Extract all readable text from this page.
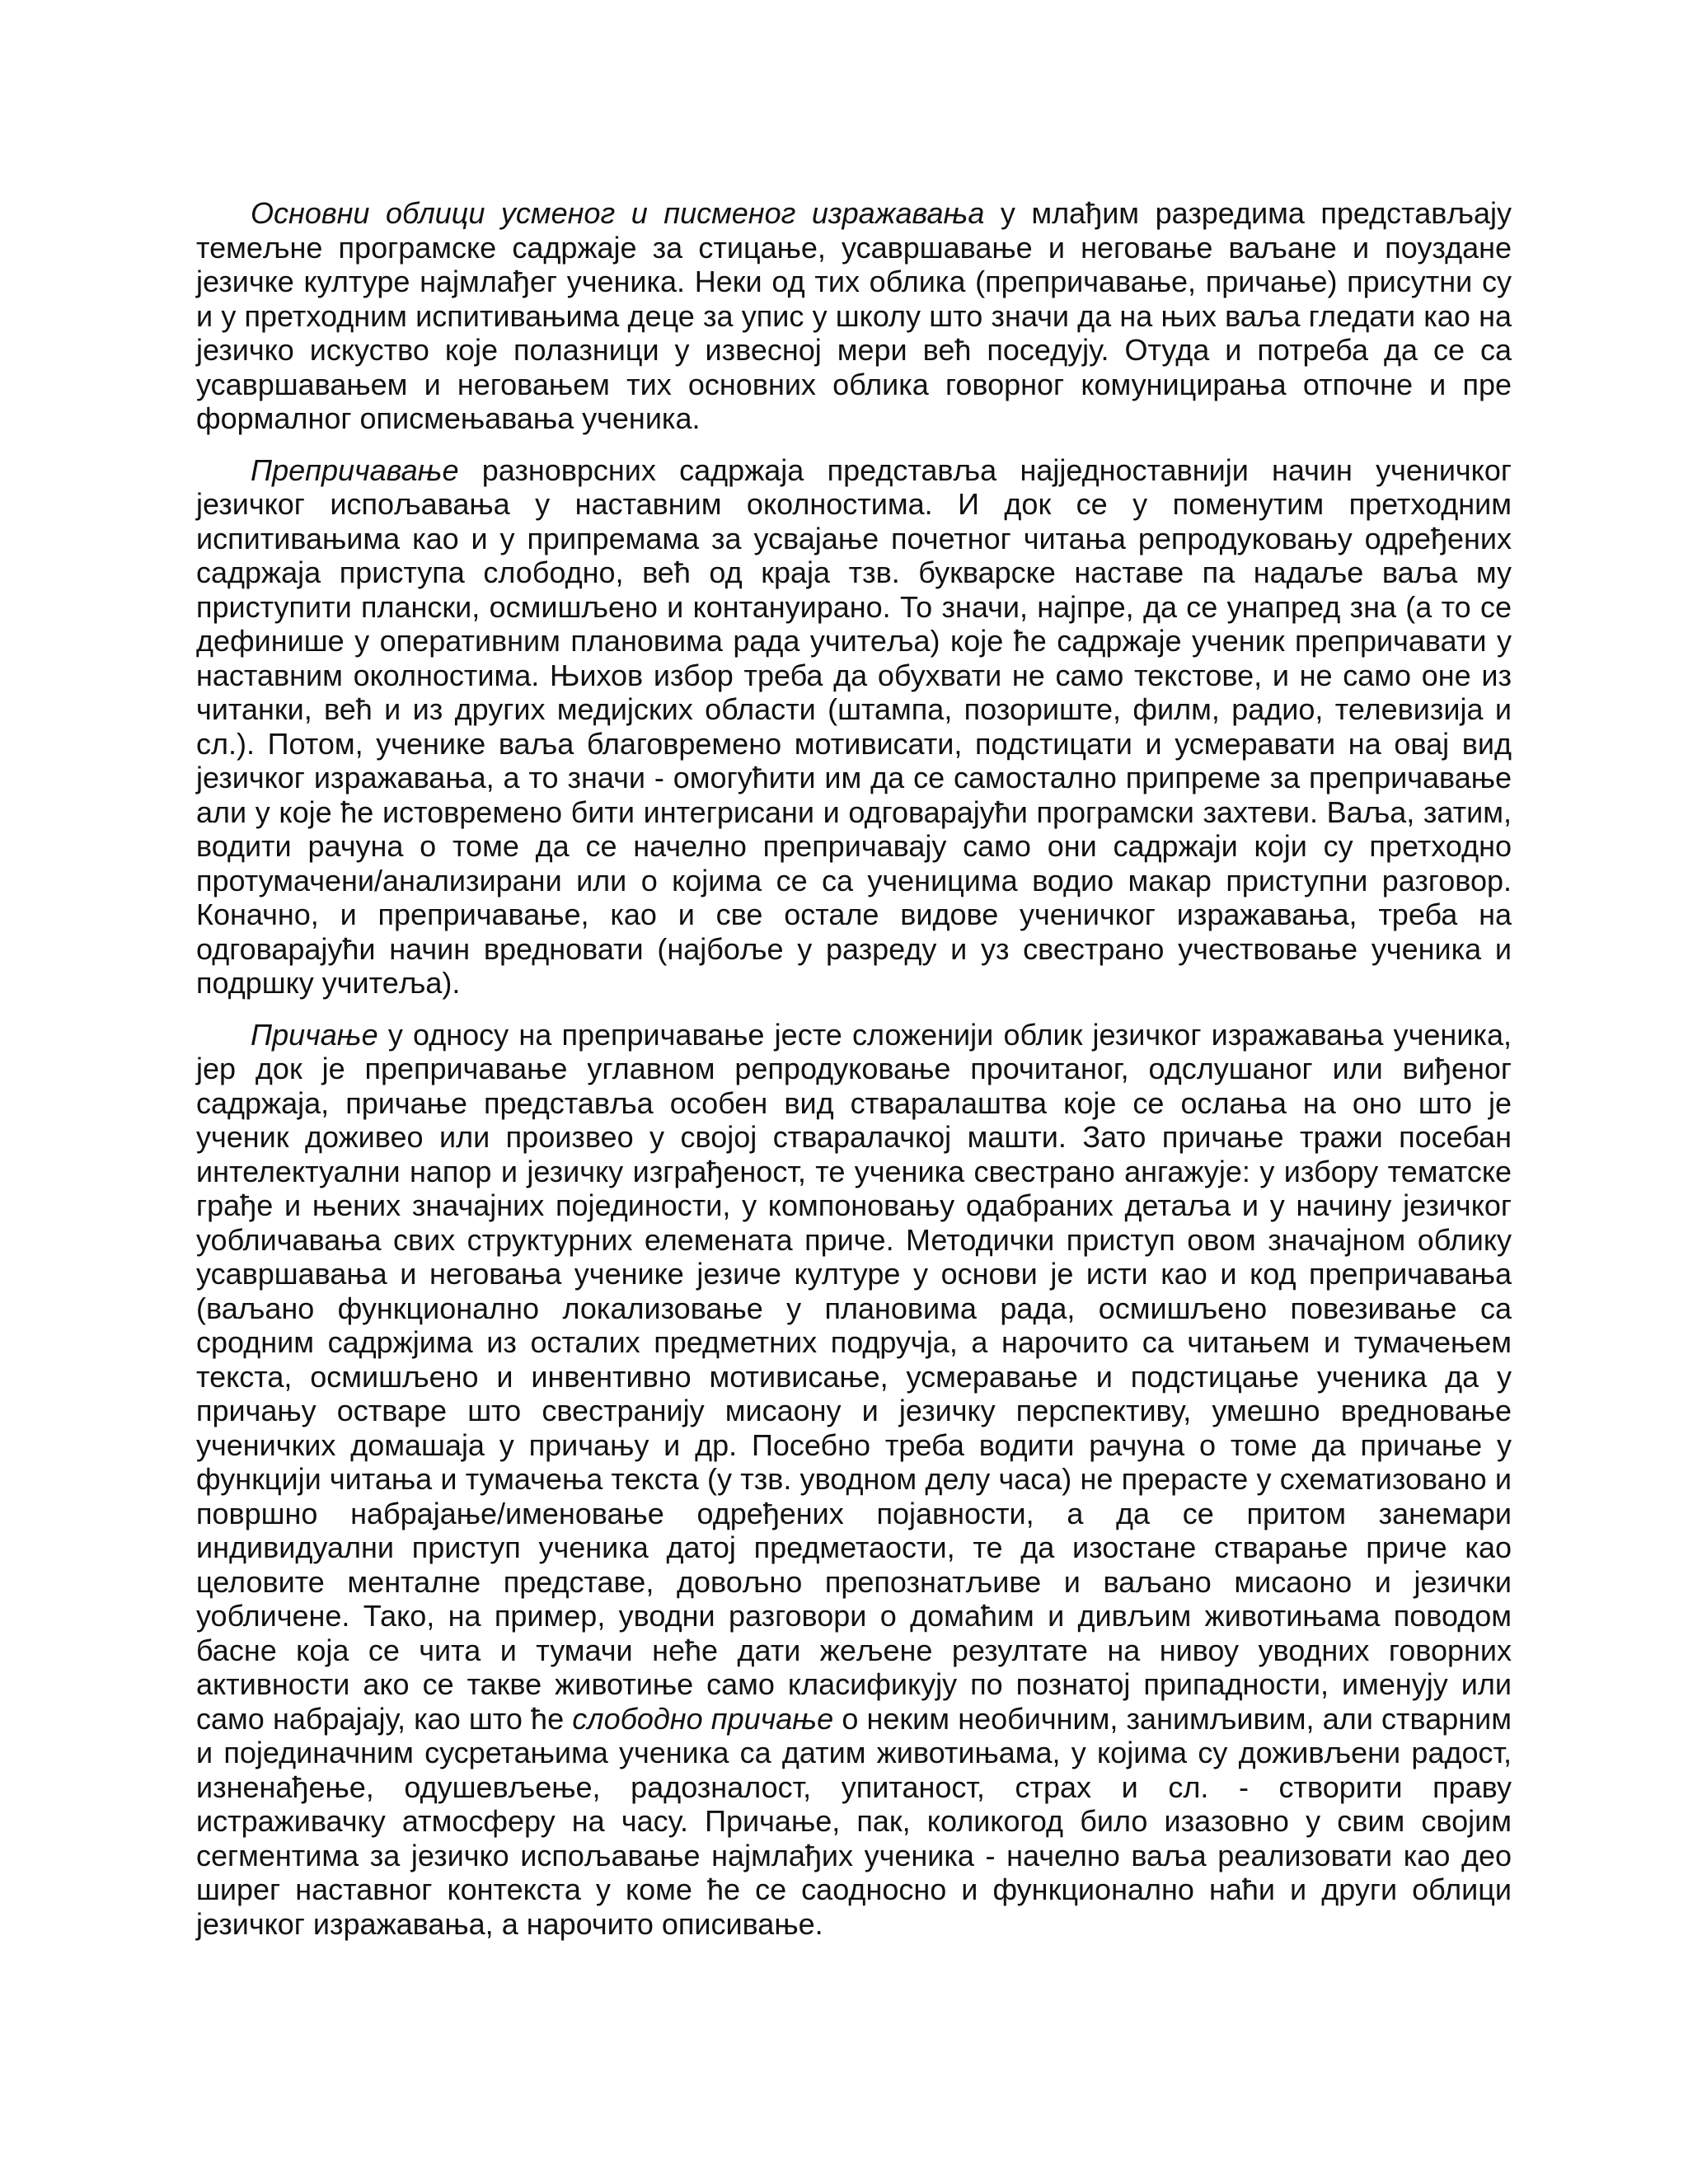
Основни облици усменог и писменог изражавања у млађим разредима представљају темељне програмске садржаје за стицање, усавршавање и неговање ваљане и поуздане језичке културе најмлађег ученика. Неки од тих облика (препричавање, причање) присутни су и у претходним испитивањима деце за упис у школу што значи да на њих ваља гледати као на језичко искуство које полазници у извесној мери већ поседују. Отуда и потреба да се са усавршавањем и неговањем тих основних облика говорног комуницирања отпочне и пре формалног описмењавања ученика.

Препричавање разноврсних садржаја представља најједноставнији начин ученичког језичког испољавања у наставним околностима. И док се у поменутим претходним испитивањима као и у припремама за усвајање почетног читања репродуковању одређених садржаја приступа слободно, већ од краја тзв. букварске наставе па надаље ваља му приступити плански, осмишљено и контануирано. То значи, најпре, да се унапред зна (а то се дефинише у оперативним плановима рада учитеља) које ће садржаје ученик препричавати у наставним околностима. Њихов избор треба да обухвати не само текстове, и не само оне из читанки, већ и из других медијских области (штампа, позориште, филм, радио, телевизија и сл.). Потом, ученике ваља благовремено мотивисати, подстицати и усмеравати на овај вид језичког изражавања, а то значи - омогућити им да се самостално припреме за препричавање али у које ће истовремено бити интегрисани и одговарајући програмски захтеви. Ваља, затим, водити рачуна о томе да се начелно препричавају само они садржаји који су претходно протумачени/анализирани или о којима се са ученицима водио макар приступни разговор. Коначно, и препричавање, као и све остале видове ученичког изражавања, треба на одговарајући начин вредновати (најбоље у разреду и уз свестрано учествовање ученика и подршку учитеља).

Причање у односу на препричавање јесте сложенији облик језичког изражавања ученика, јер док је препричавање углавном репродуковање прочитаног, одслушаног или виђеног садржаја, причање представља особен вид стваралаштва које се ослања на оно што је ученик доживео или произвео у својој стваралачкој машти. Зато причање тражи посебан интелектуални напор и језичку изграђеност, те ученика свестрано ангажује: у избору тематске грађе и њених значајних појединости, у компоновању одабраних детаља и у начину језичког уобличавања свих структурних елемената приче. Методички приступ овом значајном облику усавршавања и неговања ученике језиче културе у основи је исти као и код препричавања (ваљано функционално локализовање у плановима рада, осмишљено повезивање са сродним садржјима из осталих предметних подручја, а нарочито са читањем и тумачењем текста, осмишљено и инвентивно мотивисање, усмеравање и подстицање ученика да у причању остваре што свестранију мисаону и језичку перспективу, умешно вредновање ученичких домашаја у причању и др. Посебно треба водити рачуна о томе да причање у функцији читања и тумачења текста (у тзв. уводном делу часа) не прерасте у схематизовано и површно набрајање/именовање одређених појавности, а да се притом занемари индивидуални приступ ученика датој предметаости, те да изостане стварање приче као целовите менталне представе, довољно препознатљиве и ваљано мисаоно и језички уобличене. Тако, на пример, уводни разговори о домаћим и дивљим животињама поводом басне која се чита и тумачи неће дати жељене резултате на нивоу уводних говорних активности ако се такве животиње само класификују по познатој припадности, именују или само набрајају, као што ће слободно причање о неким необичним, занимљивим, али стварним и појединачним сусретањима ученика са датим животињама, у којима су доживљени радост, изненађење, одушевљење, радозналост, упитаност, страх и сл. - створити праву истраживачку атмосферу на часу. Причање, пак, коликогод било изазовно у свим својим сегментима за језичко испољавање најмлађих ученика - начелно ваља реализовати као део ширег наставног контекста у коме ће се саодносно и функционално наћи и други облици језичког изражавања, а нарочито описивање.
